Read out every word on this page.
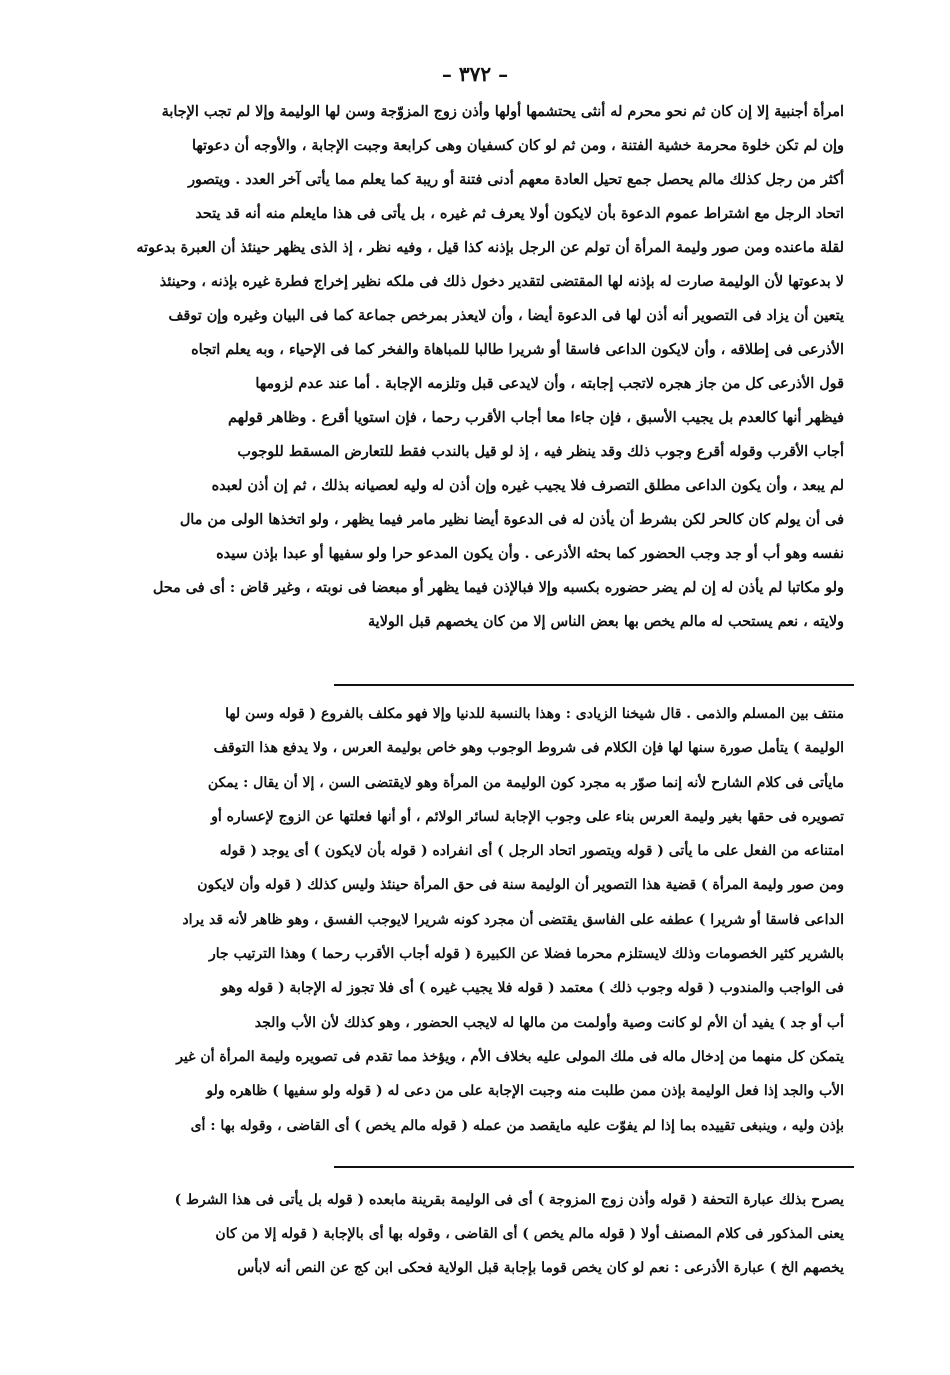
– ٣٧٢ –
امرأة أجنبية إلا إن كان ثم نحو محرم له أنثى يحتشمها أولها وأذن زوج المزوّجة وسن لها الوليمة وإلا لم تجب الإجابة
وإن لم تكن خلوة محرمة خشية الفتنة ، ومن ثم لو كان كسفيان وهى كرابعة وجبت الإجابة ، والأوجه أن دعوتها
أكثر من رجل كذلك مالم يحصل جمع تحيل العادة معهم أدنى فتنة أو ريبة كما يعلم مما يأتى آخر العدد . ويتصور
اتحاد الرجل مع اشتراط عموم الدعوة بأن لايكون أولا يعرف ثم غيره ، بل يأتى فى هذا مايعلم منه أنه قد يتحد
لقلة ماعنده ومن صور وليمة المرأة أن تولم عن الرجل بإذنه كذا قيل ، وفيه نظر ، إذ الذى يظهر حينئذ أن العبرة بدعوته
لا بدعوتها لأن الوليمة صارت له بإذنه لها المقتضى لتقدير دخول ذلك فى ملكه نظير إخراج فطرة غيره بإذنه ، وحينئذ
يتعين أن يزاد فى التصوير أنه أذن لها فى الدعوة أيضا ، وأن لايعذر بمرخص جماعة كما فى البيان وغيره وإن توقف
الأذرعى فى إطلاقه ، وأن لايكون الداعى فاسقا أو شريرا طالبا للمباهاة والفخر كما فى الإحياء ، وبه يعلم اتجاه
قول الأذرعى كل من جاز هجره لاتجب إجابته ، وأن لايدعى قبل وتلزمه الإجابة . أما عند عدم لزومها
فيظهر أنها كالعدم بل يجيب الأسبق ، فإن جاءا معا أجاب الأقرب رحما ، فإن استويا أقرع . وظاهر قولهم
أجاب الأقرب وقوله أقرع وجوب ذلك وقد ينظر فيه ، إذ لو قيل بالندب فقط للتعارض المسقط للوجوب
لم يبعد ، وأن يكون الداعى مطلق التصرف فلا يجيب غيره وإن أذن له وليه لعصيانه بذلك ، ثم إن أذن لعبده
فى أن يولم كان كالحر لكن بشرط أن يأذن له فى الدعوة أيضا نظير مامر فيما يظهر ، ولو اتخذها الولى من مال
نفسه وهو أب أو جد وجب الحضور كما بحثه الأذرعى . وأن يكون المدعو حرا ولو سفيها أو عبدا بإذن سيده
ولو مكاتبا لم يأذن له إن لم يضر حضوره بكسبه وإلا فبالإذن فيما يظهر أو مبعضا فى نوبته ، وغير قاض : أى فى محل
ولايته ، نعم يستحب له مالم يخص بها بعض الناس إلا من كان يخصهم قبل الولاية
منتف بين المسلم والذمى . قال شيخنا الزيادى : وهذا بالنسبة للدنيا وإلا فهو مكلف بالفروع ( قوله وسن لها
الوليمة ) يتأمل صورة سنها لها فإن الكلام فى شروط الوجوب وهو خاص بوليمة العرس ، ولا يدفع هذا التوقف
مايأتى فى كلام الشارح لأنه إنما صوّر به مجرد كون الوليمة من المرأة وهو لايقتضى السن ، إلا أن يقال : يمكن
تصويره فى حقها بغير وليمة العرس بناء على وجوب الإجابة لسائر الولائم ، أو أنها فعلتها عن الزوج لإعساره أو
امتناعه من الفعل على ما يأتى ( قوله ويتصور اتحاد الرجل ) أى انفراده ( قوله بأن لايكون ) أى يوجد ( قوله
ومن صور وليمة المرأة ) قضية هذا التصوير أن الوليمة سنة فى حق المرأة حينئذ وليس كذلك ( قوله وأن لايكون
الداعى فاسقا أو شريرا ) عطفه على الفاسق يقتضى أن مجرد كونه شريرا لايوجب الفسق ، وهو ظاهر لأنه قد يراد
بالشرير كثير الخصومات وذلك لايستلزم محرما فضلا عن الكبيرة ( قوله أجاب الأقرب رحما ) وهذا الترتيب جار
فى الواجب والمندوب ( قوله وجوب ذلك ) معتمد ( قوله فلا يجيب غيره ) أى فلا تجوز له الإجابة ( قوله وهو
أب أو جد ) يفيد أن الأم لو كانت وصية وأولمت من مالها له لايجب الحضور ، وهو كذلك لأن الأب والجد
يتمكن كل منهما من إدخال ماله فى ملك المولى عليه بخلاف الأم ، ويؤخذ مما تقدم فى تصويره وليمة المرأة أن غير
الأب والجد إذا فعل الوليمة بإذن ممن طلبت منه وجبت الإجابة على من دعى له ( قوله ولو سفيها ) ظاهره ولو
بإذن وليه ، وينبغى تقييده بما إذا لم يفوّت عليه مايقصد من عمله ( قوله مالم يخص ) أى القاضى ، وقوله بها : أى
يصرح بذلك عبارة التحفة ( قوله وأذن زوج المزوجة ) أى فى الوليمة بقرينة مابعده ( قوله بل يأتى فى هذا الشرط )
يعنى المذكور فى كلام المصنف أولا ( قوله مالم يخص ) أى القاضى ، وقوله بها أى بالإجابة ( قوله إلا من كان
يخصهم الخ ) عبارة الأذرعى : نعم لو كان يخص قوما بإجابة قبل الولاية فحكى ابن كج عن النص أنه لابأس
